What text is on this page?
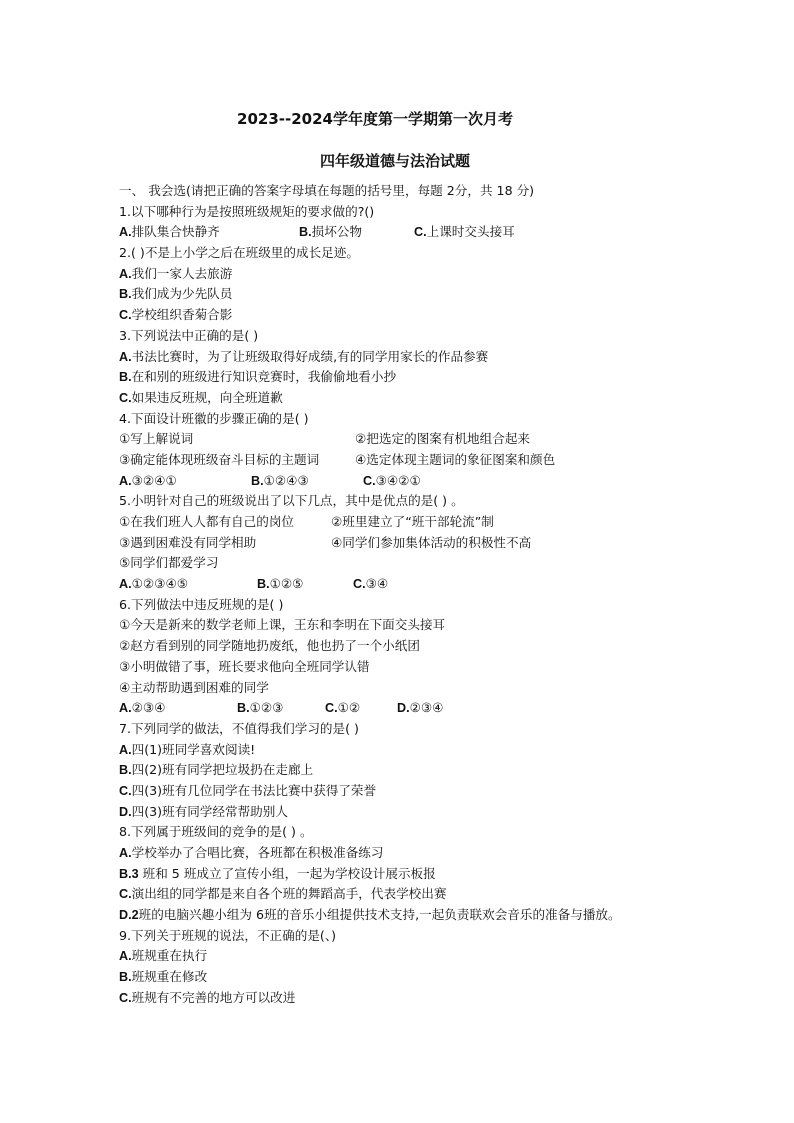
2023--2024学年度第一学期第一次月考
四年级道德与法治试题
一、 我会选(请把正确的答案字母填在每题的括号里，每题 2分，共 18 分)
1.以下哪种行为是按照班级规矩的要求做的?()
A.排队集合快静齐	B.损坏公物	C.上课时交头接耳
2.( )不是上小学之后在班级里的成长足迹。
A.我们一家人去旅游
B.我们成为少先队员
C.学校组织香菊合影
3.下列说法中正确的是( )
A.书法比赛时，为了让班级取得好成绩,有的同学用家长的作品参赛
B.在和别的班级进行知识竞赛时，我偷偷地看小抄
C.如果违反班规，向全班道歉
4.下面设计班徽的步骤正确的是( )
①写上解说词	②把选定的图案有机地组合起来
③确定能体现班级奋斗目标的主题词	④选定体现主题词的象征图案和颜色
A.③②④①	B.①②④③	C.③④②①
5.小明针对自己的班级说出了以下几点，其中是优点的是( ) 。
①在我们班人人都有自己的岗位	②班里建立了“班干部轮流”制
③遇到困难没有同学相助	④同学们参加集体活动的积极性不高
⑤同学们都爱学习
A.①②③④⑤	B.①②⑤	C.③④
6.下列做法中违反班规的是( )
①今天是新来的数学老师上课，王东和李明在下面交头接耳
②赵方看到别的同学随地扔废纸，他也扔了一个小纸团
③小明做错了事，班长要求他向全班同学认错
④主动帮助遇到困难的同学
A.②③④	B.①②③	C.①②	D.②③④
7.下列同学的做法，不值得我们学习的是( )
A.四(1)班同学喜欢阅读!
B.四(2)班有同学把垃圾扔在走廊上
C.四(3)班有几位同学在书法比赛中获得了荣誉
D.四(3)班有同学经常帮助别人
8.下列属于班级间的竞争的是( ) 。
A.学校举办了合唱比赛，各班都在积极准备练习
B.3 班和 5 班成立了宣传小组，一起为学校设计展示板报
C.演出组的同学都是来自各个班的舞蹈高手，代表学校出赛
D.2班的电脑兴趣小组为 6班的音乐小组提供技术支持,一起负责联欢会音乐的准备与播放。
9.下列关于班规的说法，不正确的是(、)
A.班规重在执行
B.班规重在修改
C.班规有不完善的地方可以改进
